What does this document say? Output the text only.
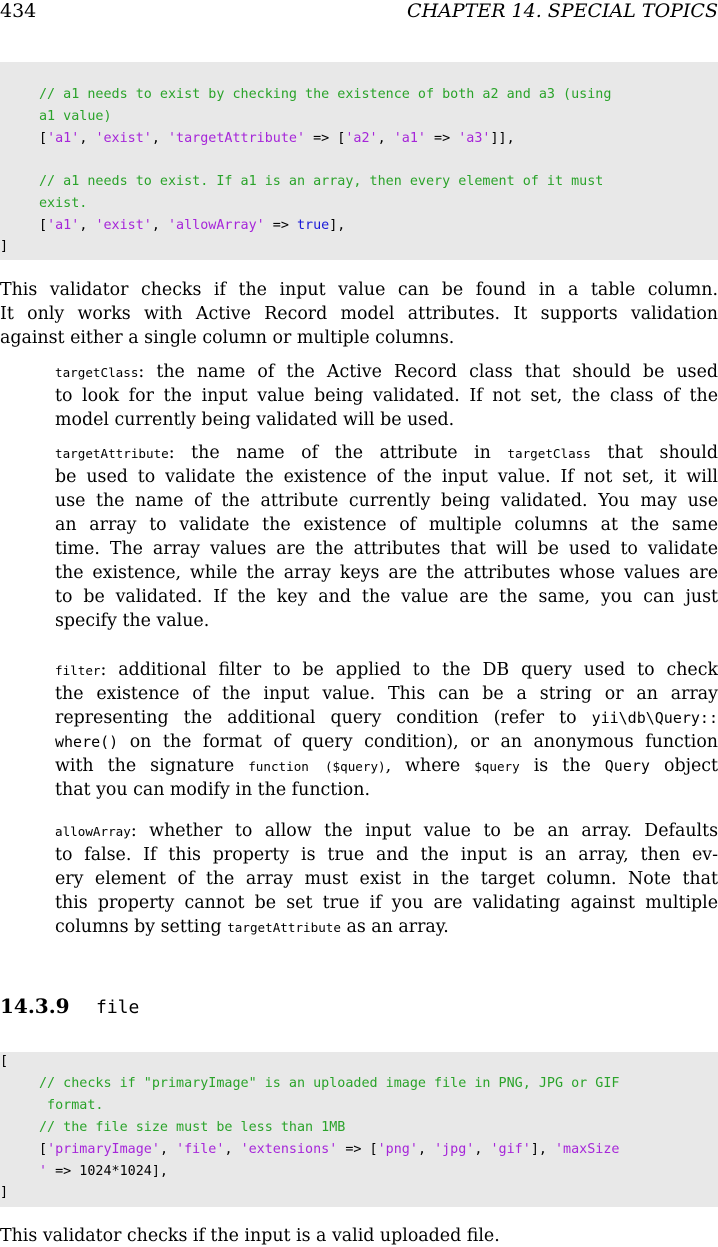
434	CHAPTER 14. SPECIAL TOPICS
// a1 needs to exist by checking the existence of both a2 and a3 (using
a1 value)
['a1', 'exist', 'targetAttribute' => ['a2', 'a1' => 'a3']],
// a1 needs to exist. If a1 is an array, then every element of it must
exist.
['a1', 'exist', 'allowArray' => true],
]
This validator checks if the input value can be found in a table column.
It only works with Active Record model attributes. It supports validation
against either a single column or multiple columns.
targetClass: the name of the Active Record class that should be used
to look for the input value being validated. If not set, the class of the
model currently being validated will be used.
targetAttribute: the name of the attribute in targetClass that should
be used to validate the existence of the input value. If not set, it will
use the name of the attribute currently being validated. You may use
an array to validate the existence of multiple columns at the same
time. The array values are the attributes that will be used to validate
the existence, while the array keys are the attributes whose values are
to be validated. If the key and the value are the same, you can just
specify the value.
filter: additional filter to be applied to the DB query used to check
the existence of the input value. This can be a string or an array
representing the additional query condition (refer to yii\db\Query::
where() on the format of query condition), or an anonymous function
with the signature function ($query), where $query is the Query object
that you can modify in the function.
allowArray: whether to allow the input value to be an array. Defaults
to false. If this property is true and the input is an array, then ev-
ery element of the array must exist in the target column. Note that
this property cannot be set true if you are validating against multiple
columns by setting targetAttribute as an array.
14.3.9 file
[
// checks if "primaryImage" is an uploaded image file in PNG, JPG or GIF
format.
// the file size must be less than 1MB
['primaryImage', 'file', 'extensions' => ['png', 'jpg', 'gif'], 'maxSize
' => 1024*1024],
]
This validator checks if the input is a valid uploaded file.
